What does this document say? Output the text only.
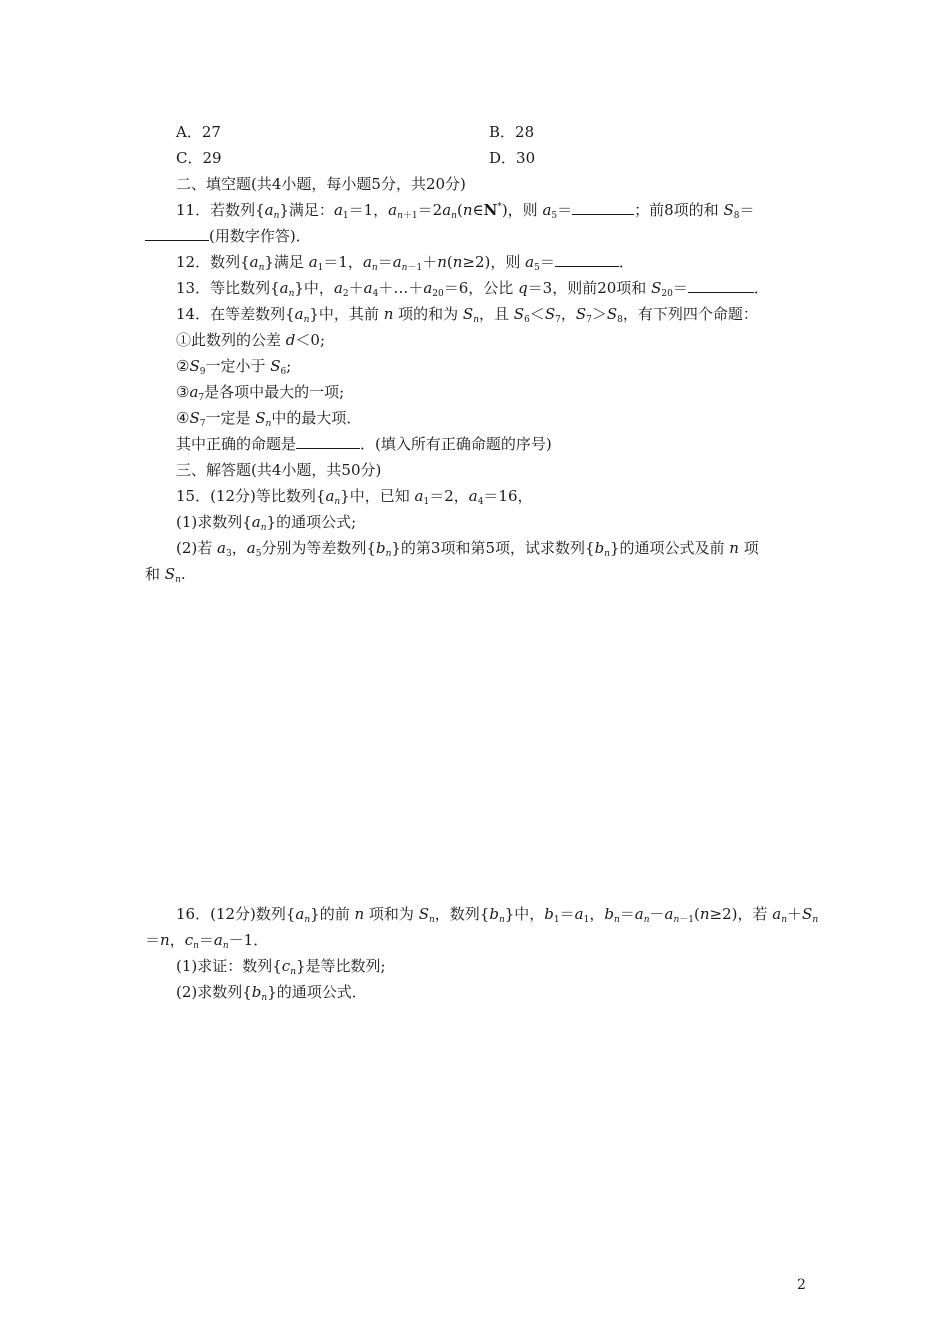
A．27	B．28
C．29	D．30
二、填空题(共4小题，每小题5分，共20分)
11．若数列$\{a_n\}$满足：$a_1=1$，$a_{n+1}=2a_n(n\in N^*)$，则 $a_5=$	；前8项的和 $S_8=$
(用数字作答)．
12．数列$\{a_n\}$满足 $a_1=1$，$a_n=a_{n-1}+n(n\ge 2)$，则 $a_5=$	．
13．等比数列$\{a_n\}$中，$a_2+a_4+\dots+a_{20}=6$，公比 q＝3，则前20项和 $S_{20}=$	．
14．在等差数列$\{a_n\}$中，其前 n 项的和为 $S_n$，且 $S_6<S_7$，$S_7>S_8$，有下列四个命题：
①此数列的公差 d＜0;
$②S_9$一定小于 $S_6$;
$③a_7$是各项中最大的一项;
$④S_7$一定是 $S_n$中的最大项．
其中正确的命题是	．(填入所有正确命题的序号)
三、解答题(共4小题，共50分)
15．(12分)等比数列$\{a_n\}$中，已知 $a_1=2$，$a_4=16$，
(1)求数列$\{a_n\}$的通项公式;
(2)若 $a_3$，$a_5$分别为等差数列$\{b_n\}$的第3项和第5项，试求数列$\{b_n\}$的通项公式及前 n 项
和 $S_n$.
16．(12分)数列$\{a_n\}$的前 n 项和为 $S_n$，数列$\{b_n\}$中，$b_1=a_1$，$b_n=a_n-a_{n-1}(n\ge 2)$，若 $a_n+S_n$
＝n，$c_n=a_n-1$．
(1)求证：数列$\{c_n\}$是等比数列;
(2)求数列$\{b_n\}$的通项公式．
2
